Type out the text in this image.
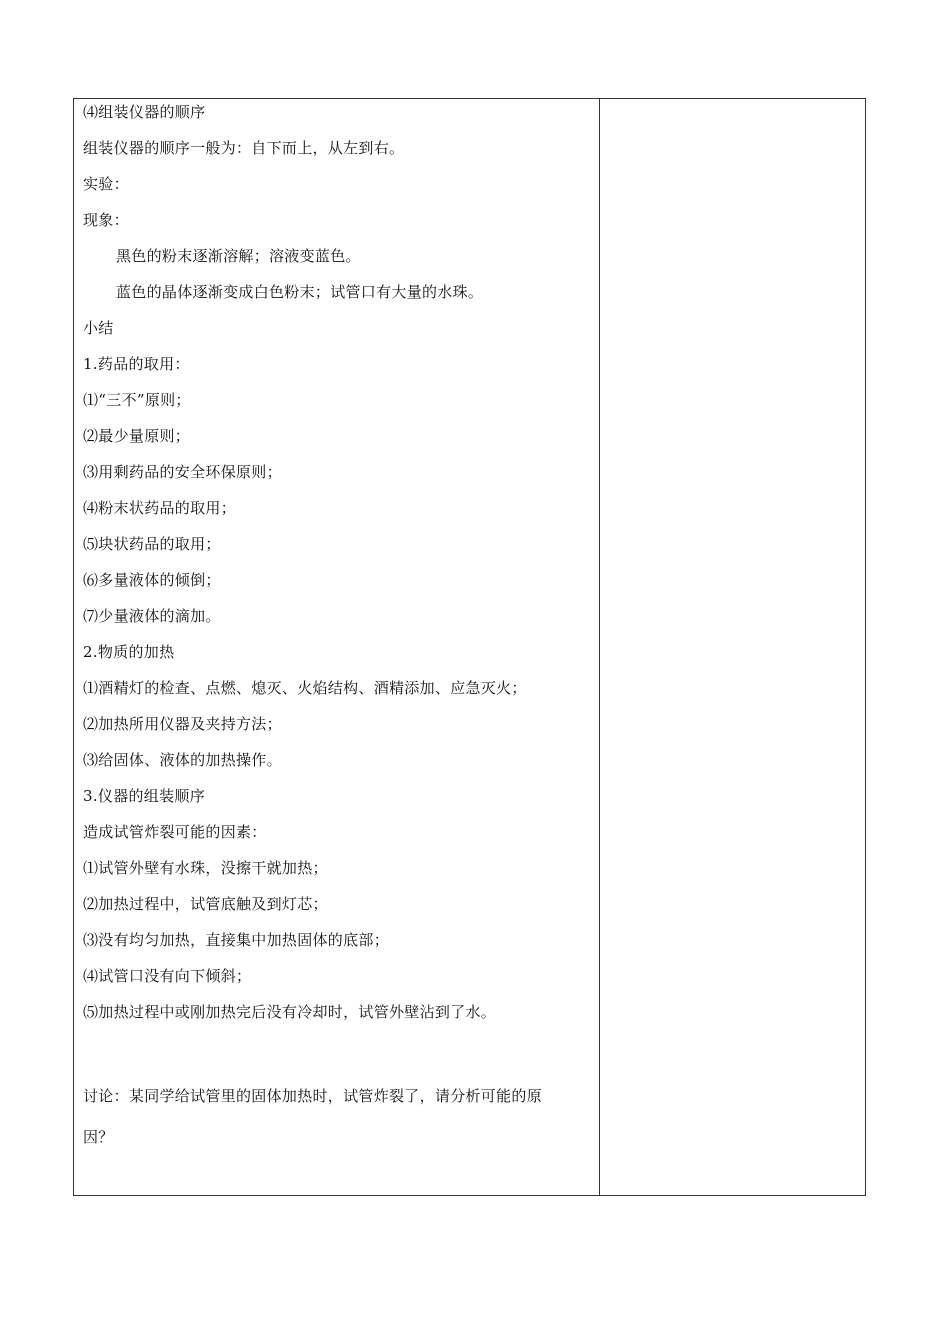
⑷组装仪器的顺序
组装仪器的顺序一般为：自下而上，从左到右。
实验：
现象：
黑色的粉末逐渐溶解；溶液变蓝色。
蓝色的晶体逐渐变成白色粉末；试管口有大量的水珠。
小结
1.药品的取用：
⑴“三不”原则；
⑵最少量原则；
⑶用剩药品的安全环保原则；
⑷粉末状药品的取用；
⑸块状药品的取用；
⑹多量液体的倾倒；
⑺少量液体的滴加。
2.物质的加热
⑴酒精灯的检查、点燃、熄灭、火焰结构、酒精添加、应急灭火；
⑵加热所用仪器及夹持方法；
⑶给固体、液体的加热操作。
3.仪器的组装顺序
造成试管炸裂可能的因素：
⑴试管外壁有水珠，没擦干就加热；
⑵加热过程中，试管底触及到灯芯；
⑶没有均匀加热，直接集中加热固体的底部；
⑷试管口没有向下倾斜；
⑸加热过程中或刚加热完后没有冷却时，试管外壁沾到了水。
讨论：某同学给试管里的固体加热时，试管炸裂了，请分析可能的原
因？
